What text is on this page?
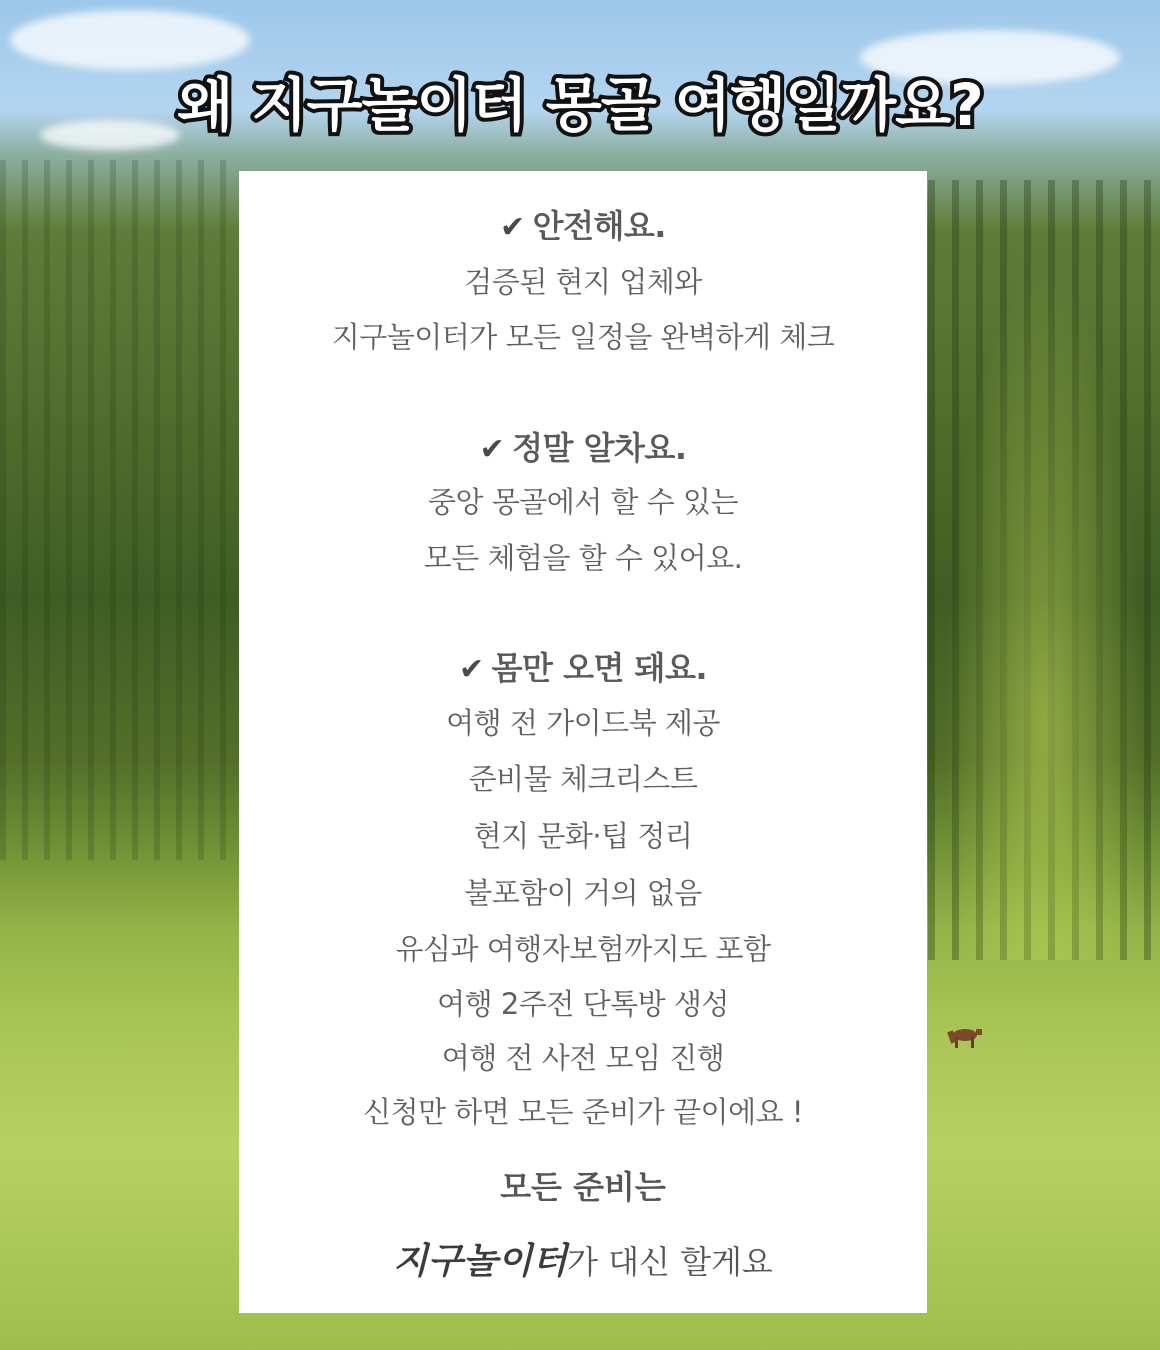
왜 지구놀이터 몽골 여행일까요?
✔ 안전해요.
검증된 현지 업체와
지구놀이터가 모든 일정을 완벽하게 체크
✔ 정말 알차요.
중앙 몽골에서 할 수 있는
모든 체험을 할 수 있어요.
✔ 몸만 오면 돼요.
여행 전 가이드북 제공
준비물 체크리스트
현지 문화·팁 정리
불포함이 거의 없음
유심과 여행자보험까지도 포함
여행 2주전 단톡방 생성
여행 전 사전 모임 진행
신청만 하면 모든 준비가 끝이에요 !
모든 준비는
지구놀이터가 대신 할게요
